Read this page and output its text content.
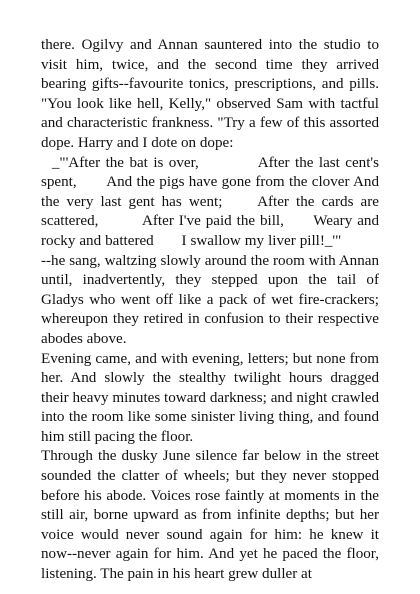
there. Ogilvy and Annan sauntered into the studio to visit him, twice, and the second time they arrived bearing gifts--favourite tonics, prescriptions, and pills. "You look like hell, Kelly," observed Sam with tactful and characteristic frankness. "Try a few of this assorted dope. Harry and I dote on dope:

_"'After the bat is over,           After the last cent's spent,       And the pigs have gone from the clover And the very last gent has went;     After the cards are scattered,         After I've paid the bill,      Weary and rocky and battered       I swallow my liver pill!_'"

--he sang, waltzing slowly around the room with Annan until, inadvertently, they stepped upon the tail of Gladys who went off like a pack of wet fire-crackers; whereupon they retired in confusion to their respective abodes above.

Evening came, and with evening, letters; but none from her. And slowly the stealthy twilight hours dragged their heavy minutes toward darkness; and night crawled into the room like some sinister living thing, and found him still pacing the floor.

Through the dusky June silence far below in the street sounded the clatter of wheels; but they never stopped before his abode. Voices rose faintly at moments in the still air, borne upward as from infinite depths; but her voice would never sound again for him: he knew it now--never again for him. And yet he paced the floor, listening. The pain in his heart grew duller at
